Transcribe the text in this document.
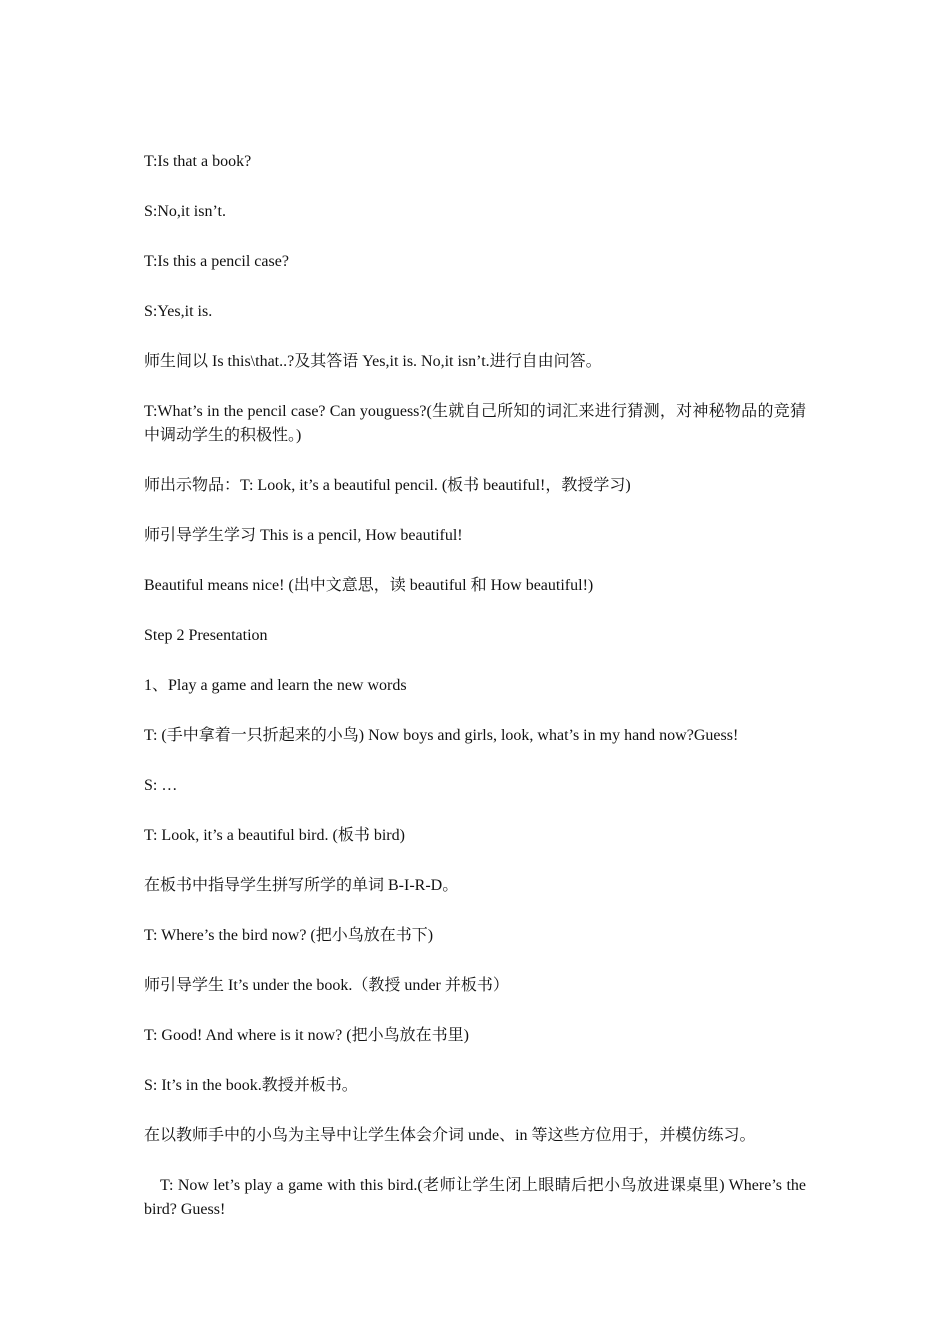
T:Is that a book?

S:No,it isn’t.

T:Is this a pencil case?

S:Yes,it is.

师生间以 Is this\that..?及其答语 Yes,it is. No,it isn’t.进行自由问答。

T:What’s in the pencil case? Can youguess?(生就自己所知的词汇来进行猜测，对神秘物品的竞猜中调动学生的积极性。)

师出示物品：T: Look, it’s a beautiful pencil. (板书 beautiful!，教授学习)

师引导学生学习 This is a pencil, How beautiful!

Beautiful means nice! (出中文意思，读 beautiful 和 How beautiful!)

Step 2 Presentation

1、Play a game and learn the new words

T: (手中拿着一只折起来的小鸟) Now boys and girls, look, what’s in my hand now?Guess!

S: …

T: Look, it’s a beautiful bird. (板书 bird)

在板书中指导学生拼写所学的单词 B-I-R-D。

T: Where’s the bird now? (把小鸟放在书下)

师引导学生 It’s under the book.（教授 under 并板书）

T: Good! And where is it now? (把小鸟放在书里)

S: It’s in the book.教授并板书。

在以教师手中的小鸟为主导中让学生体会介词 unde、in 等这些方位用于，并模仿练习。

T: Now let’s play a game with this bird.(老师让学生闭上眼睛后把小鸟放进课桌里) Where’s the bird? Guess!
